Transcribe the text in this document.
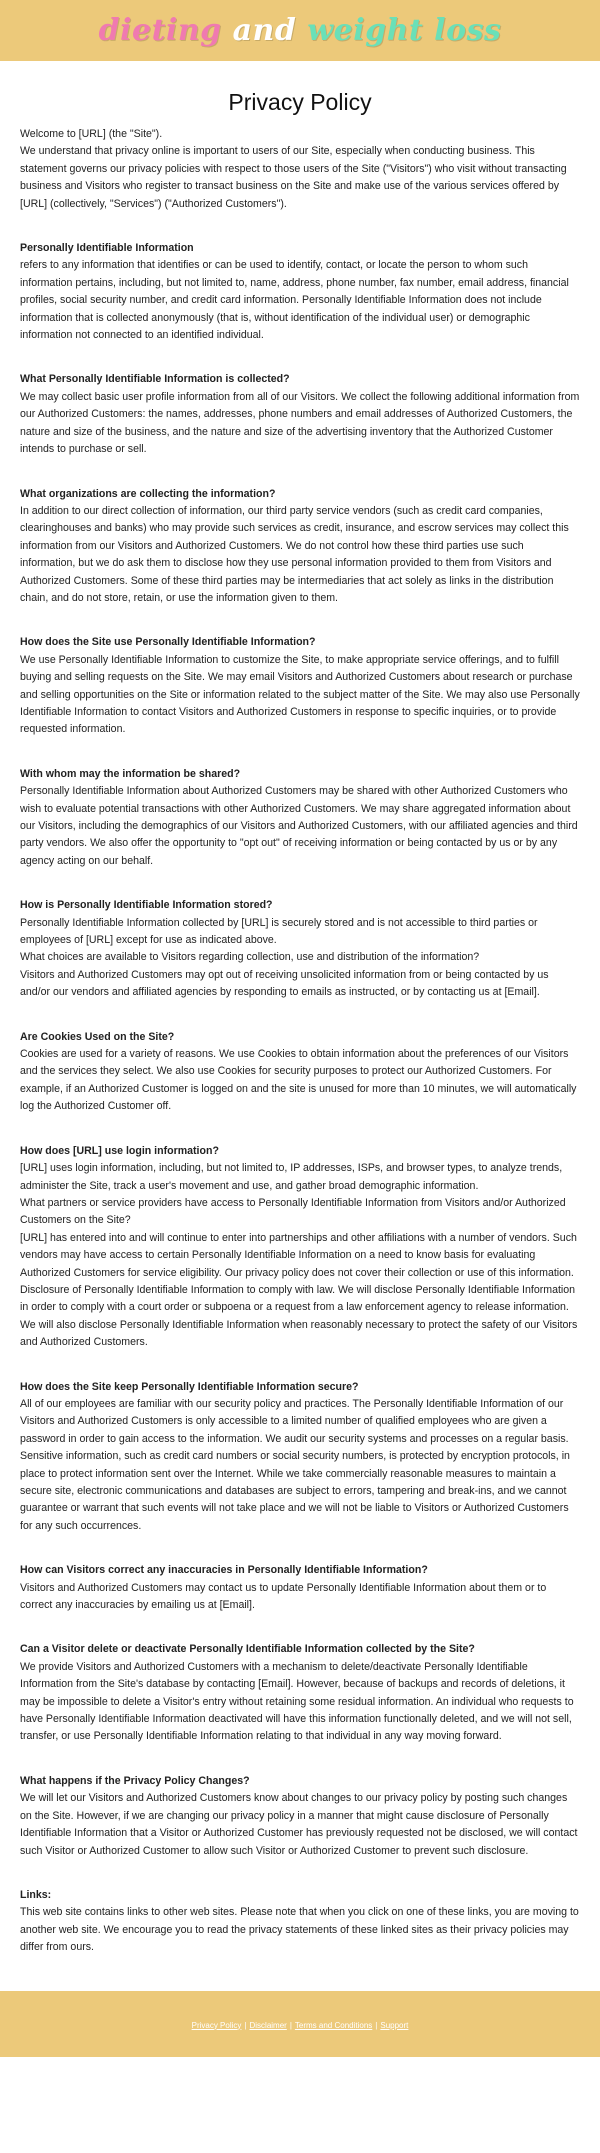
dieting and weight loss
Privacy Policy

Welcome to [URL] (the "Site").

We understand that privacy online is important to users of our Site, especially when conducting business. This statement governs our privacy policies with respect to those users of the Site ("Visitors") who visit without transacting business and Visitors who register to transact business on the Site and make use of the various services offered by [URL] (collectively, "Services") ("Authorized Customers").

Personally Identifiable Information

refers to any information that identifies or can be used to identify, contact, or locate the person to whom such information pertains, including, but not limited to, name, address, phone number, fax number, email address, financial profiles, social security number, and credit card information. Personally Identifiable Information does not include information that is collected anonymously (that is, without identification of the individual user) or demographic information not connected to an identified individual.

What Personally Identifiable Information is collected?

We may collect basic user profile information from all of our Visitors. We collect the following additional information from our Authorized Customers: the names, addresses, phone numbers and email addresses of Authorized Customers, the nature and size of the business, and the nature and size of the advertising inventory that the Authorized Customer intends to purchase or sell.

What organizations are collecting the information?

In addition to our direct collection of information, our third party service vendors (such as credit card companies, clearinghouses and banks) who may provide such services as credit, insurance, and escrow services may collect this information from our Visitors and Authorized Customers. We do not control how these third parties use such information, but we do ask them to disclose how they use personal information provided to them from Visitors and Authorized Customers. Some of these third parties may be intermediaries that act solely as links in the distribution chain, and do not store, retain, or use the information given to them.

How does the Site use Personally Identifiable Information?

We use Personally Identifiable Information to customize the Site, to make appropriate service offerings, and to fulfill buying and selling requests on the Site. We may email Visitors and Authorized Customers about research or purchase and selling opportunities on the Site or information related to the subject matter of the Site. We may also use Personally Identifiable Information to contact Visitors and Authorized Customers in response to specific inquiries, or to provide requested information.

With whom may the information be shared?

Personally Identifiable Information about Authorized Customers may be shared with other Authorized Customers who wish to evaluate potential transactions with other Authorized Customers. We may share aggregated information about our Visitors, including the demographics of our Visitors and Authorized Customers, with our affiliated agencies and third party vendors. We also offer the opportunity to "opt out" of receiving information or being contacted by us or by any agency acting on our behalf.

How is Personally Identifiable Information stored?

Personally Identifiable Information collected by [URL] is securely stored and is not accessible to third parties or employees of [URL] except for use as indicated above.

What choices are available to Visitors regarding collection, use and distribution of the information?

Visitors and Authorized Customers may opt out of receiving unsolicited information from or being contacted by us and/or our vendors and affiliated agencies by responding to emails as instructed, or by contacting us at [Email].

Are Cookies Used on the Site?

Cookies are used for a variety of reasons. We use Cookies to obtain information about the preferences of our Visitors and the services they select. We also use Cookies for security purposes to protect our Authorized Customers. For example, if an Authorized Customer is logged on and the site is unused for more than 10 minutes, we will automatically log the Authorized Customer off.

How does [URL] use login information?

[URL] uses login information, including, but not limited to, IP addresses, ISPs, and browser types, to analyze trends, administer the Site, track a user's movement and use, and gather broad demographic information.

What partners or service providers have access to Personally Identifiable Information from Visitors and/or Authorized Customers on the Site?

[URL] has entered into and will continue to enter into partnerships and other affiliations with a number of vendors. Such vendors may have access to certain Personally Identifiable Information on a need to know basis for evaluating Authorized Customers for service eligibility. Our privacy policy does not cover their collection or use of this information. Disclosure of Personally Identifiable Information to comply with law. We will disclose Personally Identifiable Information in order to comply with a court order or subpoena or a request from a law enforcement agency to release information. We will also disclose Personally Identifiable Information when reasonably necessary to protect the safety of our Visitors and Authorized Customers.

How does the Site keep Personally Identifiable Information secure?

All of our employees are familiar with our security policy and practices. The Personally Identifiable Information of our Visitors and Authorized Customers is only accessible to a limited number of qualified employees who are given a password in order to gain access to the information. We audit our security systems and processes on a regular basis. Sensitive information, such as credit card numbers or social security numbers, is protected by encryption protocols, in place to protect information sent over the Internet. While we take commercially reasonable measures to maintain a secure site, electronic communications and databases are subject to errors, tampering and break-ins, and we cannot guarantee or warrant that such events will not take place and we will not be liable to Visitors or Authorized Customers for any such occurrences.

How can Visitors correct any inaccuracies in Personally Identifiable Information?

Visitors and Authorized Customers may contact us to update Personally Identifiable Information about them or to correct any inaccuracies by emailing us at [Email].

Can a Visitor delete or deactivate Personally Identifiable Information collected by the Site?

We provide Visitors and Authorized Customers with a mechanism to delete/deactivate Personally Identifiable Information from the Site's database by contacting [Email]. However, because of backups and records of deletions, it may be impossible to delete a Visitor's entry without retaining some residual information. An individual who requests to have Personally Identifiable Information deactivated will have this information functionally deleted, and we will not sell, transfer, or use Personally Identifiable Information relating to that individual in any way moving forward.

What happens if the Privacy Policy Changes?

We will let our Visitors and Authorized Customers know about changes to our privacy policy by posting such changes on the Site. However, if we are changing our privacy policy in a manner that might cause disclosure of Personally Identifiable Information that a Visitor or Authorized Customer has previously requested not be disclosed, we will contact such Visitor or Authorized Customer to allow such Visitor or Authorized Customer to prevent such disclosure.

Links:

This web site contains links to other web sites. Please note that when you click on one of these links, you are moving to another web site. We encourage you to read the privacy statements of these linked sites as their privacy policies may differ from ours.

Privacy Policy | Disclaimer | Terms and Conditions | Support
